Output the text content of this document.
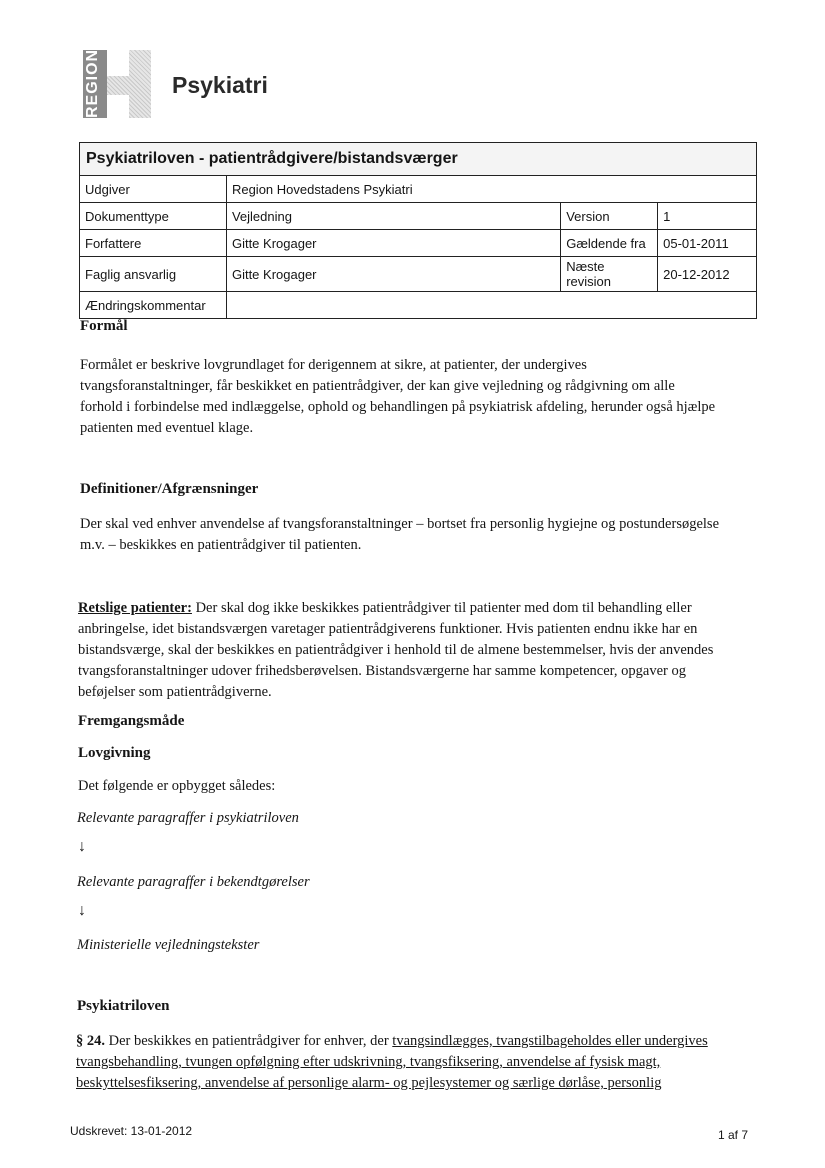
REGION	Psykiatri
Psykiatriloven - patientrådgivere/bistandsværger			
Udgiver	Region Hovedstadens Psykiatri		
Dokumenttype	Vejledning	Version	1
Forfattere	Gitte Krogager	Gældende fra	05-01-2011
Faglig ansvarlig	Gitte Krogager	Næste revision	20-12-2012
Ændringskommentar			
Formål
Formålet er beskrive lovgrundlaget for derigennem at sikre, at patienter, der undergives
tvangsforanstaltninger, får beskikket en patientrådgiver, der kan give vejledning og rådgivning om alle
forhold i forbindelse med indlæggelse, ophold og behandlingen på psykiatrisk afdeling, herunder også hjælpe
patienten med eventuel klage.
Definitioner/Afgrænsninger
Der skal ved enhver anvendelse af tvangsforanstaltninger – bortset fra personlig hygiejne og postundersøgelse
m.v. – beskikkes en patientrådgiver til patienten.
Retslige patienter: Der skal dog ikke beskikkes patientrådgiver til patienter med dom til behandling eller
anbringelse, idet bistandsværgen varetager patientrådgiverens funktioner. Hvis patienten endnu ikke har en
bistandsværge, skal der beskikkes en patientrådgiver i henhold til de almene bestemmelser, hvis der anvendes
tvangsforanstaltninger udover frihedsberøvelsen. Bistandsværgerne har samme kompetencer, opgaver og
beføjelser som patientrådgiverne.
Fremgangsmåde
Lovgivning
Det følgende er opbygget således:
Relevante paragraffer i psykiatriloven
↓
Relevante paragraffer i bekendtgørelser
↓
Ministerielle vejledningstekster
Psykiatriloven
§ 24. Der beskikkes en patientrådgiver for enhver, der tvangsindlægges, tvangstilbageholdes eller undergives
tvangsbehandling, tvungen opfølgning efter udskrivning, tvangsfiksering, anvendelse af fysisk magt,
beskyttelsesfiksering, anvendelse af personlige alarm- og pejlesystemer og særlige dørlåse, personlig
Udskrevet: 13-01-2012	1 af 7
